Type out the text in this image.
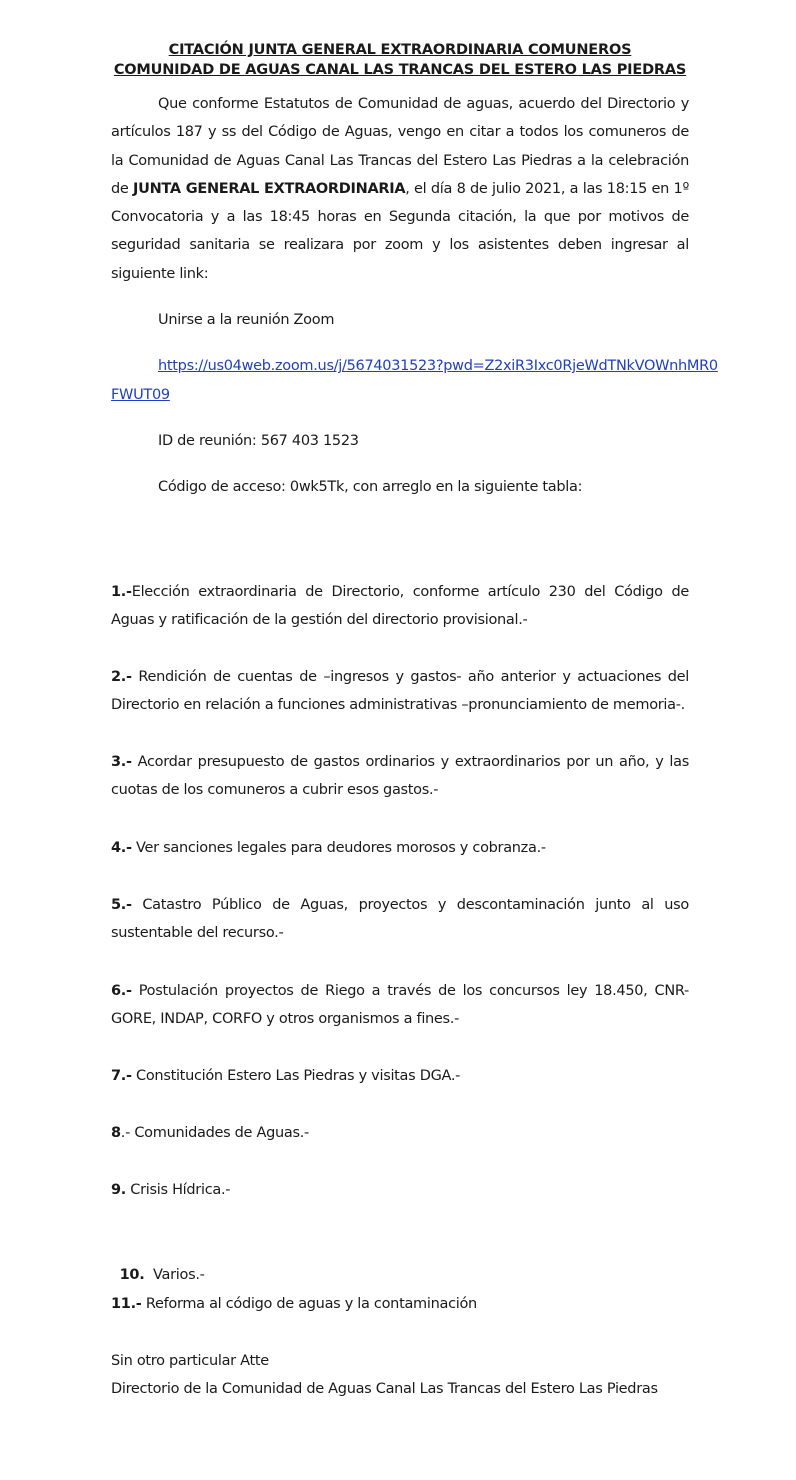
CITACIÓN JUNTA GENERAL EXTRAORDINARIA COMUNEROS

COMUNIDAD DE AGUAS CANAL LAS TRANCAS DEL ESTERO LAS PIEDRAS

Que conforme Estatutos de Comunidad de aguas, acuerdo del Directorio y artículos 187 y ss del Código de Aguas, vengo en citar a todos los comuneros de la Comunidad de Aguas Canal Las Trancas del Estero Las Piedras a la celebración de JUNTA GENERAL EXTRAORDINARIA, el día 8 de julio 2021, a las 18:15 en 1º Convocatoria y a las 18:45 horas en Segunda citación, la que por motivos de seguridad sanitaria se realizara por zoom y los asistentes deben ingresar al siguiente link:

Unirse a la reunión Zoom

https://us04web.zoom.us/j/5674031523?pwd=Z2xiR3Ixc0RjeWdTNkVOWnhMR0FWUT09

ID de reunión: 567 403 1523

Código de acceso: 0wk5Tk, con arreglo en la siguiente tabla:

1.-Elección extraordinaria de Directorio, conforme artículo 230 del Código de Aguas y ratificación de la gestión del directorio provisional.-
2.- Rendición de cuentas de –ingresos y gastos- año anterior y actuaciones del Directorio en relación a funciones administrativas –pronunciamiento de memoria-.
3.- Acordar presupuesto de gastos ordinarios y extraordinarios por un año, y las cuotas de los comuneros a cubrir esos gastos.-
4.- Ver sanciones legales para deudores morosos y cobranza.-
5.- Catastro Público de Aguas, proyectos y descontaminación junto al uso sustentable del recurso.-
6.- Postulación proyectos de Riego a través de los concursos ley 18.450, CNR- GORE, INDAP, CORFO y otros organismos a fines.-
7.- Constitución Estero Las Piedras y visitas DGA.-
8.- Comunidades de Aguas.-
9. Crisis Hídrica.-

10.  Varios.-

11.- Reforma al código de aguas y la contaminación
Sin otro particular Atte
Directorio de la Comunidad de Aguas Canal Las Trancas del Estero Las Piedras
